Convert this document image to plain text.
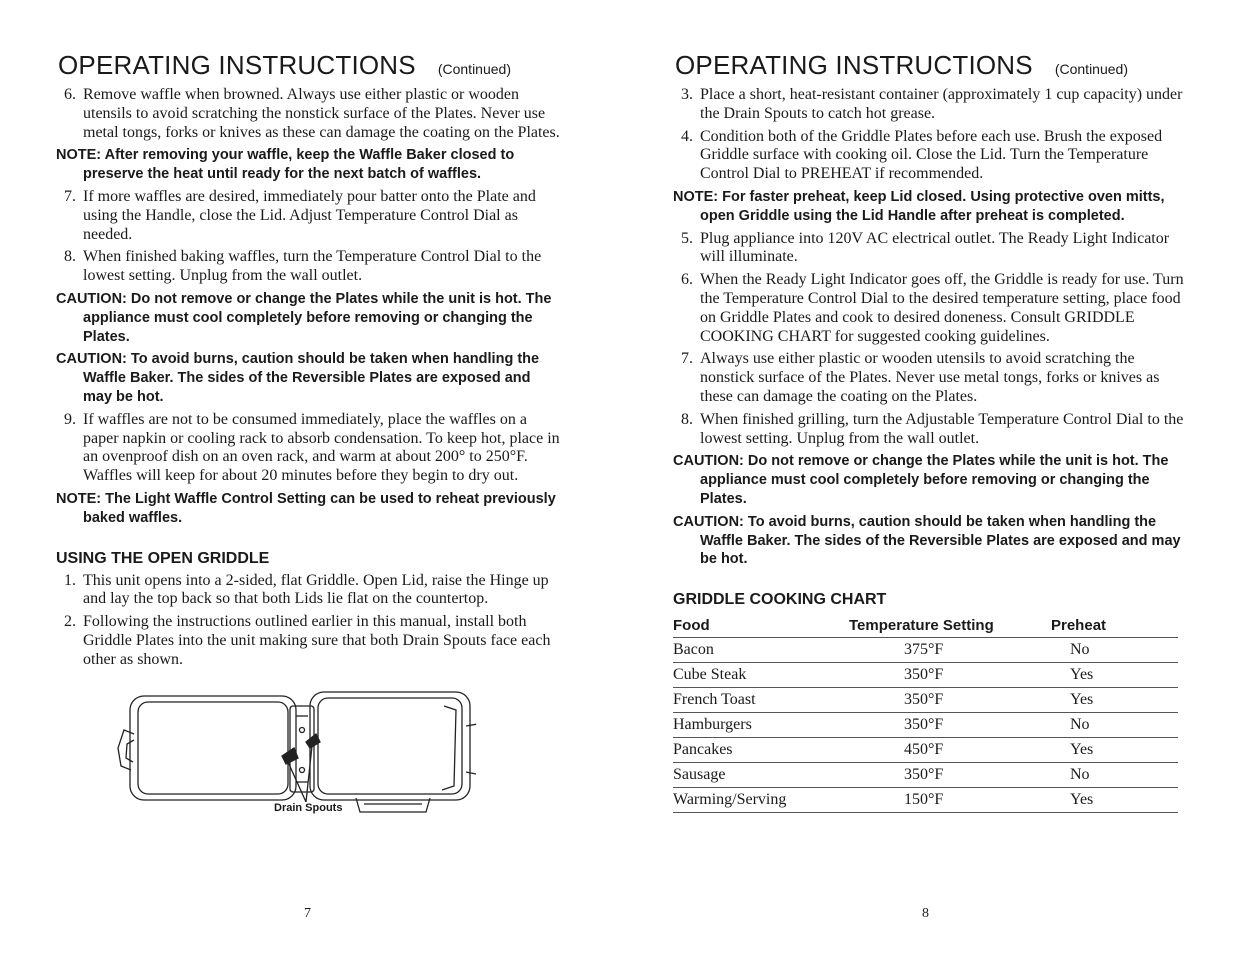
OPERATING INSTRUCTIONS (Continued)
6. Remove waffle when browned. Always use either plastic or wooden utensils to avoid scratching the nonstick surface of the Plates. Never use metal tongs, forks or knives as these can damage the coating on the Plates.
NOTE: After removing your waffle, keep the Waffle Baker closed to preserve the heat until ready for the next batch of waffles.
7. If more waffles are desired, immediately pour batter onto the Plate and using the Handle, close the Lid. Adjust Temperature Control Dial as needed.
8. When finished baking waffles, turn the Temperature Control Dial to the lowest setting. Unplug from the wall outlet.
CAUTION: Do not remove or change the Plates while the unit is hot. The appliance must cool completely before removing or changing the Plates.
CAUTION: To avoid burns, caution should be taken when handling the Waffle Baker. The sides of the Reversible Plates are exposed and may be hot.
9. If waffles are not to be consumed immediately, place the waffles on a paper napkin or cooling rack to absorb condensation. To keep hot, place in an ovenproof dish on an oven rack, and warm at about 200° to 250°F. Waffles will keep for about 20 minutes before they begin to dry out.
NOTE: The Light Waffle Control Setting can be used to reheat previously baked waffles.
USING THE OPEN GRIDDLE
1. This unit opens into a 2-sided, flat Griddle. Open Lid, raise the Hinge up and lay the top back so that both Lids lie flat on the countertop.
2. Following the instructions outlined earlier in this manual, install both Griddle Plates into the unit making sure that both Drain Spouts face each other as shown.
Drain Spouts
7
OPERATING INSTRUCTIONS (Continued)
3. Place a short, heat-resistant container (approximately 1 cup capacity) under the Drain Spouts to catch hot grease.
4. Condition both of the Griddle Plates before each use. Brush the exposed Griddle surface with cooking oil. Close the Lid. Turn the Temperature Control Dial to PREHEAT if recommended.
NOTE: For faster preheat, keep Lid closed. Using protective oven mitts, open Griddle using the Lid Handle after preheat is completed.
5. Plug appliance into 120V AC electrical outlet. The Ready Light Indicator will illuminate.
6. When the Ready Light Indicator goes off, the Griddle is ready for use. Turn the Temperature Control Dial to the desired temperature setting, place food on Griddle Plates and cook to desired doneness. Consult GRIDDLE COOKING CHART for suggested cooking guidelines.
7. Always use either plastic or wooden utensils to avoid scratching the nonstick surface of the Plates. Never use metal tongs, forks or knives as these can damage the coating on the Plates.
8. When finished grilling, turn the Adjustable Temperature Control Dial to the lowest setting. Unplug from the wall outlet.
CAUTION: Do not remove or change the Plates while the unit is hot. The appliance must cool completely before removing or changing the Plates.
CAUTION: To avoid burns, caution should be taken when handling the Waffle Baker. The sides of the Reversible Plates are exposed and may be hot.
GRIDDLE COOKING CHART
Food	Temperature Setting	Preheat
Bacon	375°F	No
Cube Steak	350°F	Yes
French Toast	350°F	Yes
Hamburgers	350°F	No
Pancakes	450°F	Yes
Sausage	350°F	No
Warming/Serving	150°F	Yes
8
